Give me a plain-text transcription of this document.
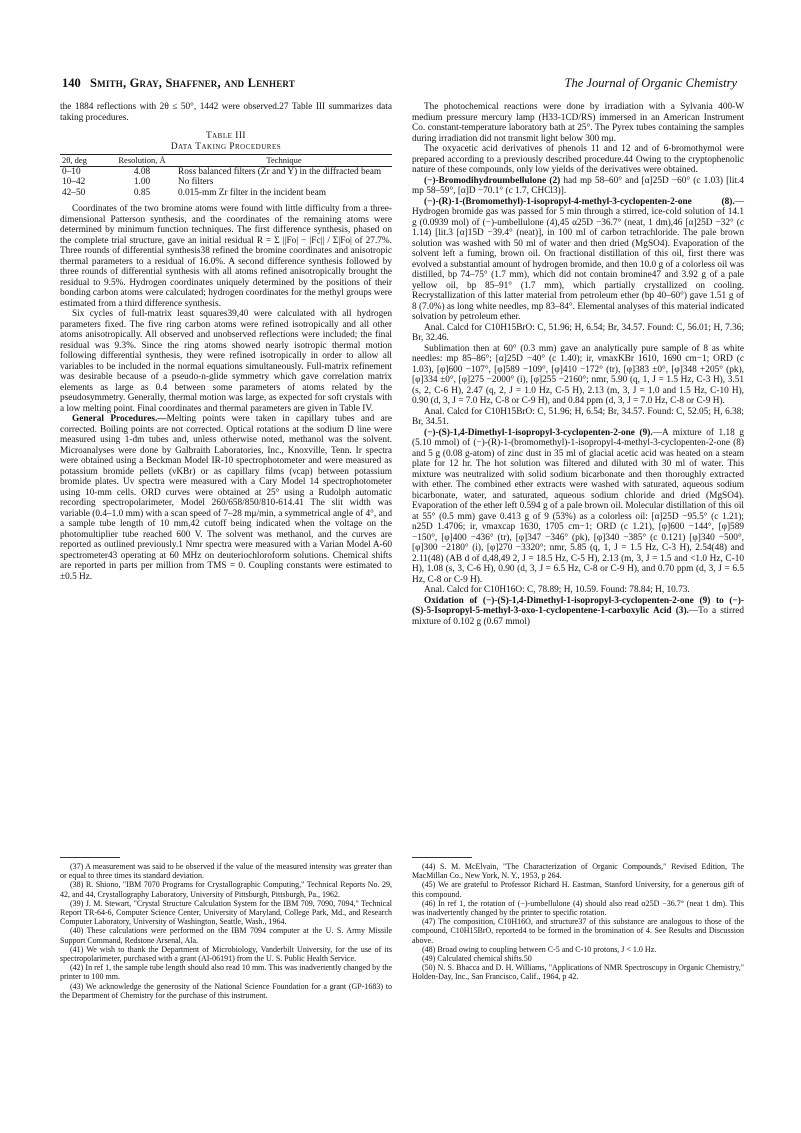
140 Smith, Gray, Shaffner, and Lenhert	The Journal of Organic Chemistry

the 1884 reflections with 2θ ≤ 50°, 1442 were observed.27 Table III summarizes data taking procedures.

Table III
Data Taking Procedures
2θ, deg	Resolution, Å	Technique
0–10	4.08	Ross balanced filters (Zr and Y) in the diffracted beam
10–42	1.00	No filters
42–50	0.85	0.015-mm Zr filter in the incident beam

Coordinates of the two bromine atoms were found with little difficulty from a three-dimensional Patterson synthesis, and the coordinates of the remaining atoms were determined by minimum function techniques. The first difference synthesis, phased on the complete trial structure, gave an initial residual R = Σ ||Fo| − |Fc|| / Σ|Fo| of 27.7%. Three rounds of differential synthesis38 refined the bromine coordinates and anisotropic thermal parameters to a residual of 16.0%. A second difference synthesis followed by three rounds of differential synthesis with all atoms refined anisotropically brought the residual to 9.5%. Hydrogen coordinates uniquely determined by the positions of their bonding carbon atoms were calculated; hydrogen coordinates for the methyl groups were estimated from a third difference synthesis.

Six cycles of full-matrix least squares39,40 were calculated with all hydrogen parameters fixed. The five ring carbon atoms were refined isotropically and all other atoms anisotropically. All observed and unobserved reflections were included; the final residual was 9.3%. Since the ring atoms showed nearly isotropic thermal motion following differential synthesis, they were refined isotropically in order to allow all variables to be included in the normal equations simultaneously. Full-matrix refinement was desirable because of a pseudo-n-glide symmetry which gave correlation matrix elements as large as 0.4 between some parameters of atoms related by the pseudosymmetry. Generally, thermal motion was large, as expected for soft crystals with a low melting point. Final coordinates and thermal parameters are given in Table IV.

General Procedures.—Melting points were taken in capillary tubes and are corrected. Boiling points are not corrected. Optical rotations at the sodium D line were measured using 1-dm tubes and, unless otherwise noted, methanol was the solvent. Microanalyses were done by Galbraith Laboratories, Inc., Knoxville, Tenn. Ir spectra were obtained using a Beckman Model IR-10 spectrophotometer and were measured as potassium bromide pellets (νKBr) or as capillary films (νcap) between potassium bromide plates. Uv spectra were measured with a Cary Model 14 spectrophotometer using 10-mm cells. ORD curves were obtained at 25° using a Rudolph automatic recording spectropolarimeter, Model 260/658/850/810-614.41 The slit width was variable (0.4–1.0 mm) with a scan speed of 7–28 mμ/min, a symmetrical angle of 4°, and a sample tube length of 10 mm,42 cutoff being indicated when the voltage on the photomultiplier tube reached 600 V. The solvent was methanol, and the curves are reported as outlined previously.1 Nmr spectra were measured with a Varian Model A-60 spectrometer43 operating at 60 MHz on deuteriochloroform solutions. Chemical shifts are reported in parts per million from TMS = 0. Coupling constants were estimated to ±0.5 Hz.

(37) A measurement was said to be observed if the value of the measured intensity was greater than or equal to three times its standard deviation.

(38) R. Shiono, "IBM 7070 Programs for Crystallographic Computing," Technical Reports No. 29, 42, and 44, Crystallography Laboratory, University of Pittsburgh, Pittsburgh, Pa., 1962.

(39) J. M. Stewart, "Crystal Structure Calculation System for the IBM 709, 7090, 7094," Technical Report TR-64-6, Computer Science Center, University of Maryland, College Park, Md., and Research Computer Laboratory, University of Washington, Seattle, Wash., 1964.

(40) These calculations were performed on the IBM 7094 computer at the U. S. Army Missile Support Command, Redstone Arsenal, Ala.

(41) We wish to thank the Department of Microbiology, Vanderbilt University, for the use of its spectropolarimeter, purchased with a grant (AI-06191) from the U. S. Public Health Service.

(42) In ref 1, the sample tube length should also read 10 mm. This was inadvertently changed by the printer to 100 mm.

(43) We acknowledge the generosity of the National Science Foundation for a grant (GP-1683) to the Department of Chemistry for the purchase of this instrument.

The photochemical reactions were done by irradiation with a Sylvania 400-W medium pressure mercury lamp (H33-1CD/RS) immersed in an American Instrument Co. constant-temperature laboratory bath at 25°. The Pyrex tubes containing the samples during irradiation did not transmit light below 300 mμ.

The oxyacetic acid derivatives of phenols 11 and 12 and of 6-bromothymol were prepared according to a previously described procedure.44 Owing to the cryptophenolic nature of these compounds, only low yields of the derivatives were obtained.

(−)-Bromodihydroumbellulone (2) had mp 58–60° and [α]25D −60° (c 1.03) [lit.4 mp 58–59°, [α]D −70.1° (c 1.7, CHCl3)].

(−)-(R)-1-(Bromomethyl)-1-isopropyl-4-methyl-3-cyclopenten-2-one (8).—Hydrogen bromide gas was passed for 5 min through a stirred, ice-cold solution of 14.1 g (0.0939 mol) of (−)-umbellulone (4),45 α25D −36.7° (neat, 1 dm),46 [α]25D −32° (c 1.14) [lit.3 [α]15D −39.4° (neat)], in 100 ml of carbon tetrachloride. The pale brown solution was washed with 50 ml of water and then dried (MgSO4). Evaporation of the solvent left a fuming, brown oil. On fractional distillation of this oil, first there was evolved a substantial amount of hydrogen bromide, and then 10.0 g of a colorless oil was distilled, bp 74–75° (1.7 mm), which did not contain bromine47 and 3.92 g of a pale yellow oil, bp 85–91° (1.7 mm), which partially crystallized on cooling. Recrystallization of this latter material from petroleum ether (bp 40–60°) gave 1.51 g of 8 (7.0%) as long white needles, mp 83–84°. Elemental analyses of this material indicated solvation by petroleum ether.

Anal. Calcd for C10H15BrO: C, 51.96; H, 6.54; Br, 34.57. Found: C, 56.01; H, 7.36; Br, 32.46.

Sublimation then at 60° (0.3 mm) gave an analytically pure sample of 8 as white needles: mp 85–86°; [α]25D −40° (c 1.40); ir, νmaxKBr 1610, 1690 cm−1; ORD (c 1.03), [φ]600 −107°, [φ]589 −109°, [φ]410 −172° (tr), [φ]383 ±0°, [φ]348 +205° (pk), [φ]334 ±0°, [φ]275 −2000° (i), [φ]255 −2160°; nmr, 5.90 (q, 1, J = 1.5 Hz, C-3 H), 3.51 (s, 2, C-6 H), 2.47 (q, 2, J = 1.0 Hz, C-5 H), 2.13 (m, 3, J = 1.0 and 1.5 Hz, C-10 H), 0.90 (d, 3, J = 7.0 Hz, C-8 or C-9 H), and 0.84 ppm (d, 3, J = 7.0 Hz, C-8 or C-9 H).

Anal. Calcd for C10H15BrO: C, 51.96; H, 6.54; Br, 34.57. Found: C, 52.05; H, 6.38; Br, 34.51.

(−)-(S)-1,4-Dimethyl-1-isopropyl-3-cyclopenten-2-one (9).—A mixture of 1.18 g (5.10 mmol) of (−)-(R)-1-(bromomethyl)-1-isopropyl-4-methyl-3-cyclopenten-2-one (8) and 5 g (0.08 g-atom) of zinc dust in 35 ml of glacial acetic acid was heated on a steam plate for 12 hr. The hot solution was filtered and diluted with 30 ml of water. This mixture was neutralized with solid sodium bicarbonate and then thoroughly extracted with ether. The combined ether extracts were washed with saturated, aqueous sodium bicarbonate, water, and saturated, aqueous sodium chloride and dried (MgSO4). Evaporation of the ether left 0.594 g of a pale brown oil. Molecular distillation of this oil at 55° (0.5 mm) gave 0.413 g of 9 (53%) as a colorless oil: [α]25D −95.5° (c 1.21); n25D 1.4706; ir, νmaxcap 1630, 1705 cm−1; ORD (c 1.21), [φ]600 −144°, [φ]589 −150°, [φ]400 −436° (tr), [φ]347 −346° (pk), [φ]340 −385° (c 0.121) [φ]340 −500°, [φ]300 −2180° (i), [φ]270 −3320°; nmr, 5.85 (q, 1, J = 1.5 Hz, C-3 H), 2.54(48) and 2.11(48) (AB d of d,48,49 2, J = 18.5 Hz, C-5 H), 2.13 (m, 3, J = 1.5 and <1.0 Hz, C-10 H), 1.08 (s, 3, C-6 H), 0.90 (d, 3, J = 6.5 Hz, C-8 or C-9 H), and 0.70 ppm (d, 3, J = 6.5 Hz, C-8 or C-9 H).

Anal. Calcd for C10H16O: C, 78.89; H, 10.59. Found: 78.84; H, 10.73.

Oxidation of (−)-(S)-1,4-Dimethyl-1-isopropyl-3-cyclopenten-2-one (9) to (−)-(S)-5-Isopropyl-5-methyl-3-oxo-1-cyclopentene-1-carboxylic Acid (3).—To a stirred mixture of 0.102 g (0.67 mmol)

(44) S. M. McElvain, "The Characterization of Organic Compounds," Revised Edition, The MacMillan Co., New York, N. Y., 1953, p 264.

(45) We are grateful to Professor Richard H. Eastman, Stanford University, for a generous gift of this compound.

(46) In ref 1, the rotation of (−)-umbellulone (4) should also read α25D −36.7° (neat 1 dm). This was inadvertently changed by the printer to specific rotation.

(47) The composition, C10H16O, and structure37 of this substance are analogous to those of the compound, C10H15BrO, reported4 to be formed in the bromination of 4. See Results and Discussion above.

(48) Broad owing to coupling between C-5 and C-10 protons, J < 1.0 Hz.

(49) Calculated chemical shifts.50

(50) N. S. Bhacca and D. H. Williams, "Applications of NMR Spectroscopy in Organic Chemistry," Holden-Day, Inc., San Francisco, Calif., 1964, p 42.
